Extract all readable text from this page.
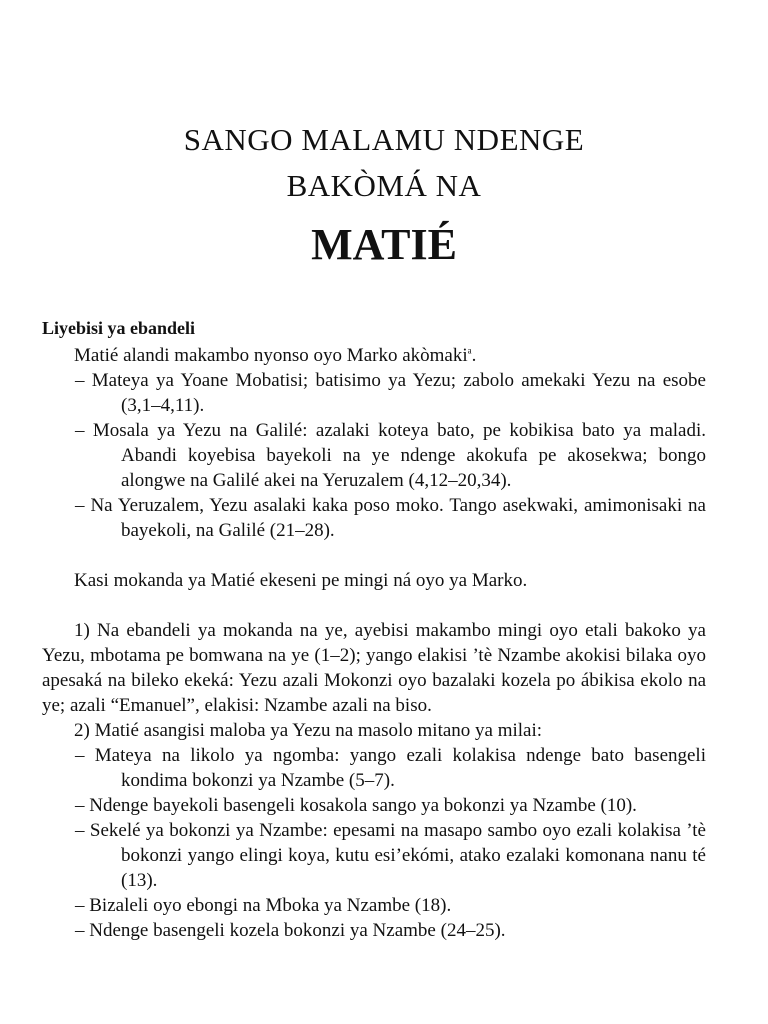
SANGO MALAMU NDENGE
BAKÒMÁ NA
MATIÉ
Liyebisi ya ebandeli
Matié alandi makambo nyonso oyo Marko akòmaki$^a$.
– Mateya ya Yoane Mobatisi; batisimo ya Yezu; zabolo amekaki Yezu na esobe (3,1–4,11).
– Mosala ya Yezu na Galilé: azalaki koteya bato, pe kobikisa bato ya maladi. Abandi koyebisa bayekoli na ye ndenge akokufa pe akosekwa; bongo alongwe na Galilé akei na Yeruzalem (4,12–20,34).
– Na Yeruzalem, Yezu asalaki kaka poso moko. Tango asekwaki, amimonisaki na bayekoli, na Galilé (21–28).
Kasi mokanda ya Matié ekeseni pe mingi ná oyo ya Marko.
1) Na ebandeli ya mokanda na ye, ayebisi makambo mingi oyo etali bakoko ya Yezu, mbotama pe bomwana na ye (1–2); yango elakisi ’tè Nzambe akokisi bilaka oyo apesaká na bileko ekeká: Yezu azali Mokonzi oyo bazalaki kozela po ábikisa ekolo na ye; azali “Emanuel”, elakisi: Nzambe azali na biso.
2) Matié asangisi maloba ya Yezu na masolo mitano ya milai:
– Mateya na likolo ya ngomba: yango ezali kolakisa ndenge bato basengeli kondima bokonzi ya Nzambe (5–7).
– Ndenge bayekoli basengeli kosakola sango ya bokonzi ya Nzambe (10).
– Sekelé ya bokonzi ya Nzambe: epesami na masapo sambo oyo ezali kolakisa ’tè bokonzi yango elingi koya, kutu esi’ekómi, atako ezalaki komonana nanu té (13).
– Bizaleli oyo ebongi na Mboka ya Nzambe (18).
– Ndenge basengeli kozela bokonzi ya Nzambe (24–25).
